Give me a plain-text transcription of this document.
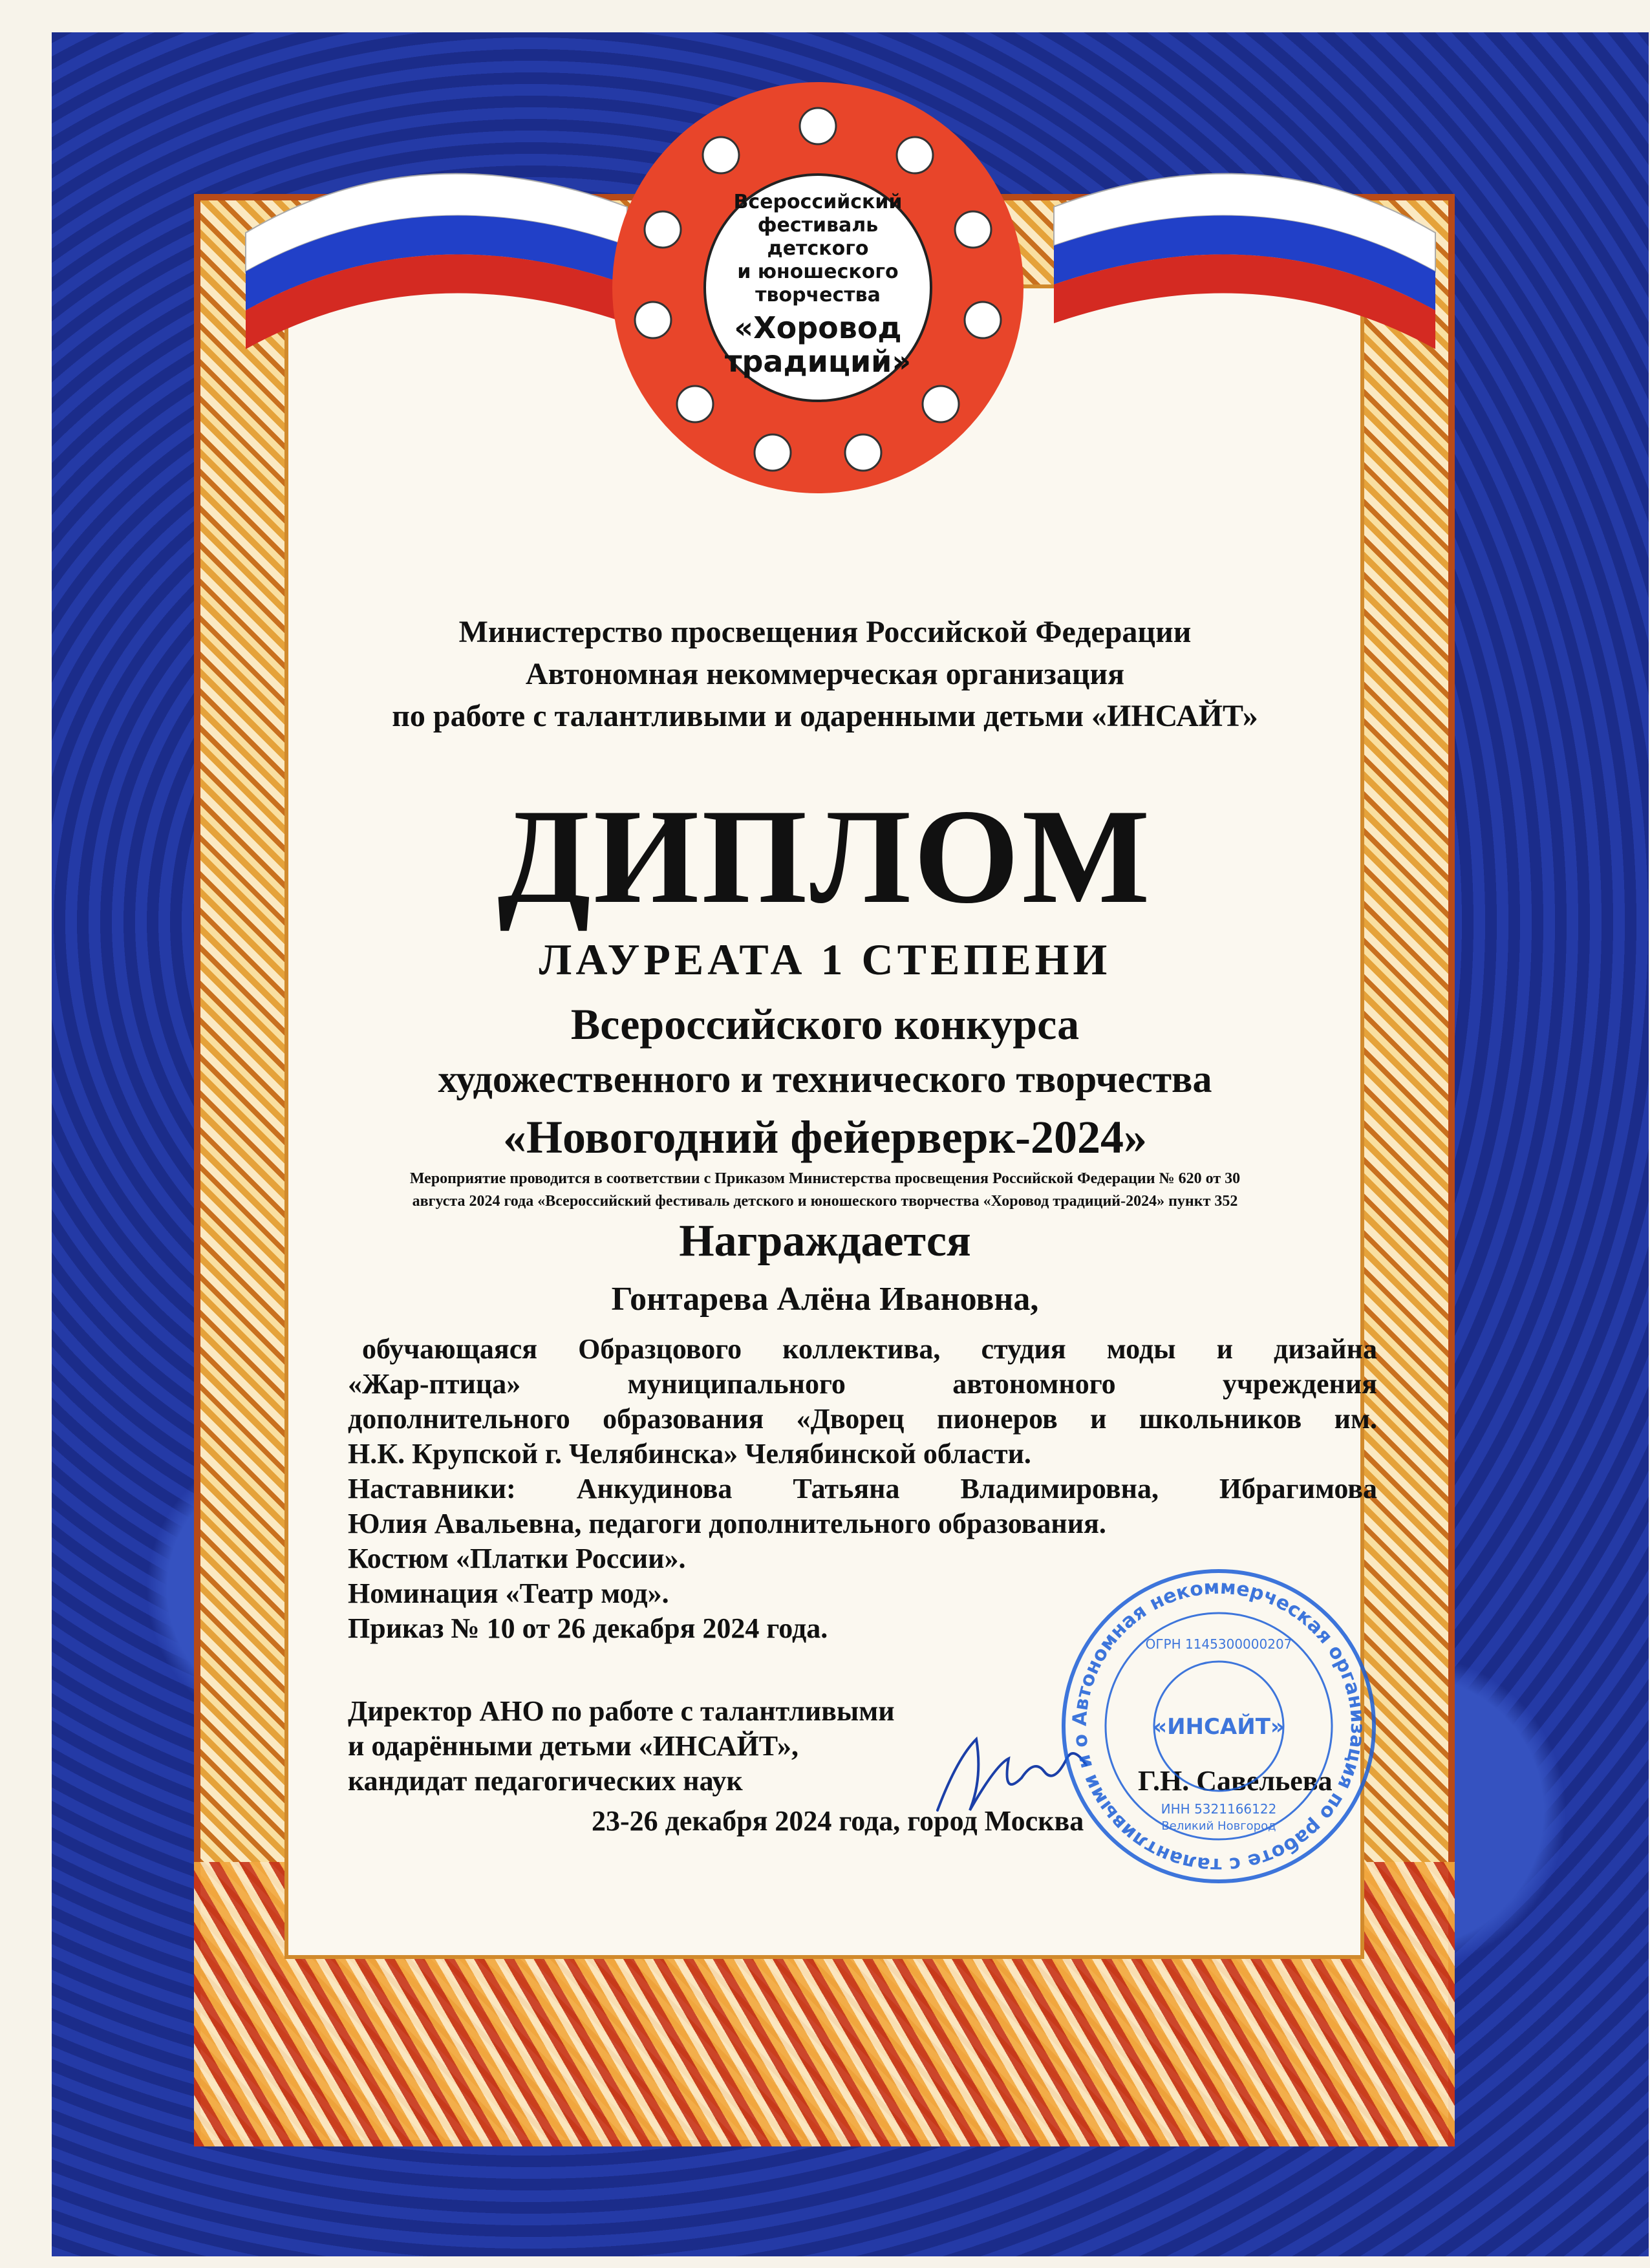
Всероссийский
фестиваль детского
и юношеского
творчества
«Хоровод
традиций»
Министерство просвещения Российской Федерации
Автономная некоммерческая организация
по работе с талантливыми и одаренными детьми «ИНСАЙТ»
ДИПЛОМ
ЛАУРЕАТА 1 СТЕПЕНИ
Всероссийского конкурса
художественного и технического творчества
«Новогодний фейерверк-2024»
Мероприятие проводится в соответствии с Приказом Министерства просвещения Российской Федерации № 620 от 30
августа 2024 года «Всероссийский фестиваль детского и юношеского творчества «Хоровод традиций-2024» пункт 352
Награждается
Гонтарева Алёна Ивановна,
обучающаяся Образцового коллектива, студия моды и дизайна
«Жар-птица» муниципального автономного учреждения
дополнительного образования «Дворец пионеров и школьников им.
Н.К. Крупской г. Челябинска» Челябинской области.
Наставники: Анкудинова Татьяна Владимировна, Ибрагимова
Юлия Авальевна, педагоги дополнительного образования.
Костюм «Платки России».
Номинация «Театр мод».
Приказ № 10 от 26 декабря 2024 года.
Директор АНО по работе с талантливыми
и одарёнными детьми «ИНСАЙТ»,
кандидат педагогических наук	Г.Н. Савельева
23-26 декабря 2024 года, город Москва
Автономная некоммерческая организация по работе с талантливыми и о
«ИНСАЙТ»
ОГРН 1145300000207
ИНН 5321166122
Великий Новгород
